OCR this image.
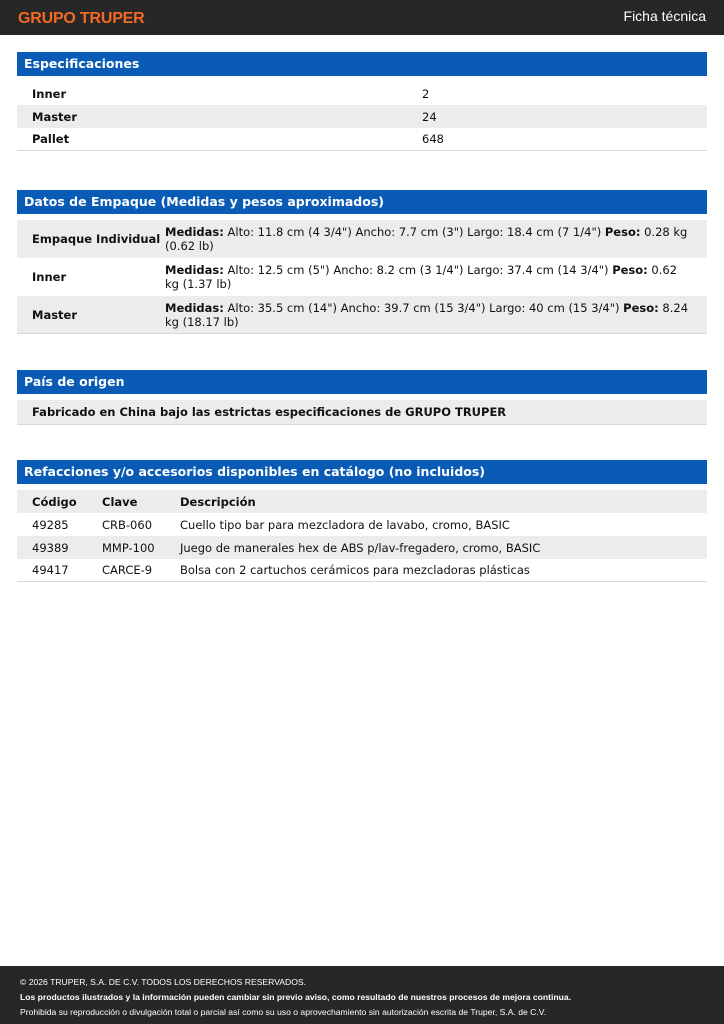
GRUPO TRUPER	Ficha técnica
Especificaciones
Inner	2
Master	24
Pallet	648
Datos de Empaque (Medidas y pesos aproximados)
Empaque Individual Medidas: Alto: 11.8 cm (4 3/4") Ancho: 7.7 cm (3") Largo: 18.4 cm (7 1/4") Peso: 0.28 kg (0.62 lb)
Inner	Medidas: Alto: 12.5 cm (5") Ancho: 8.2 cm (3 1/4") Largo: 37.4 cm (14 3/4") Peso: 0.62 kg (1.37 lb)
Master	Medidas: Alto: 35.5 cm (14") Ancho: 39.7 cm (15 3/4") Largo: 40 cm (15 3/4") Peso: 8.24 kg (18.17 lb)
País de origen
Fabricado en China bajo las estrictas especificaciones de GRUPO TRUPER
Refacciones y/o accesorios disponibles en catálogo (no incluidos)
Código	Clave	Descripción
49285	CRB-060	Cuello tipo bar para mezcladora de lavabo, cromo, BASIC
49389	MMP-100	Juego de manerales hex de ABS p/lav-fregadero, cromo, BASIC
49417	CARCE-9	Bolsa con 2 cartuchos cerámicos para mezcladoras plásticas
© 2026 TRUPER, S.A. DE C.V. TODOS LOS DERECHOS RESERVADOS.
Los productos ilustrados y la información pueden cambiar sin previo aviso, como resultado de nuestros procesos de mejora continua.
Prohibida su reproducción o divulgación total o parcial así como su uso o aprovechamiento sin autorización escrita de Truper, S.A. de C.V.
